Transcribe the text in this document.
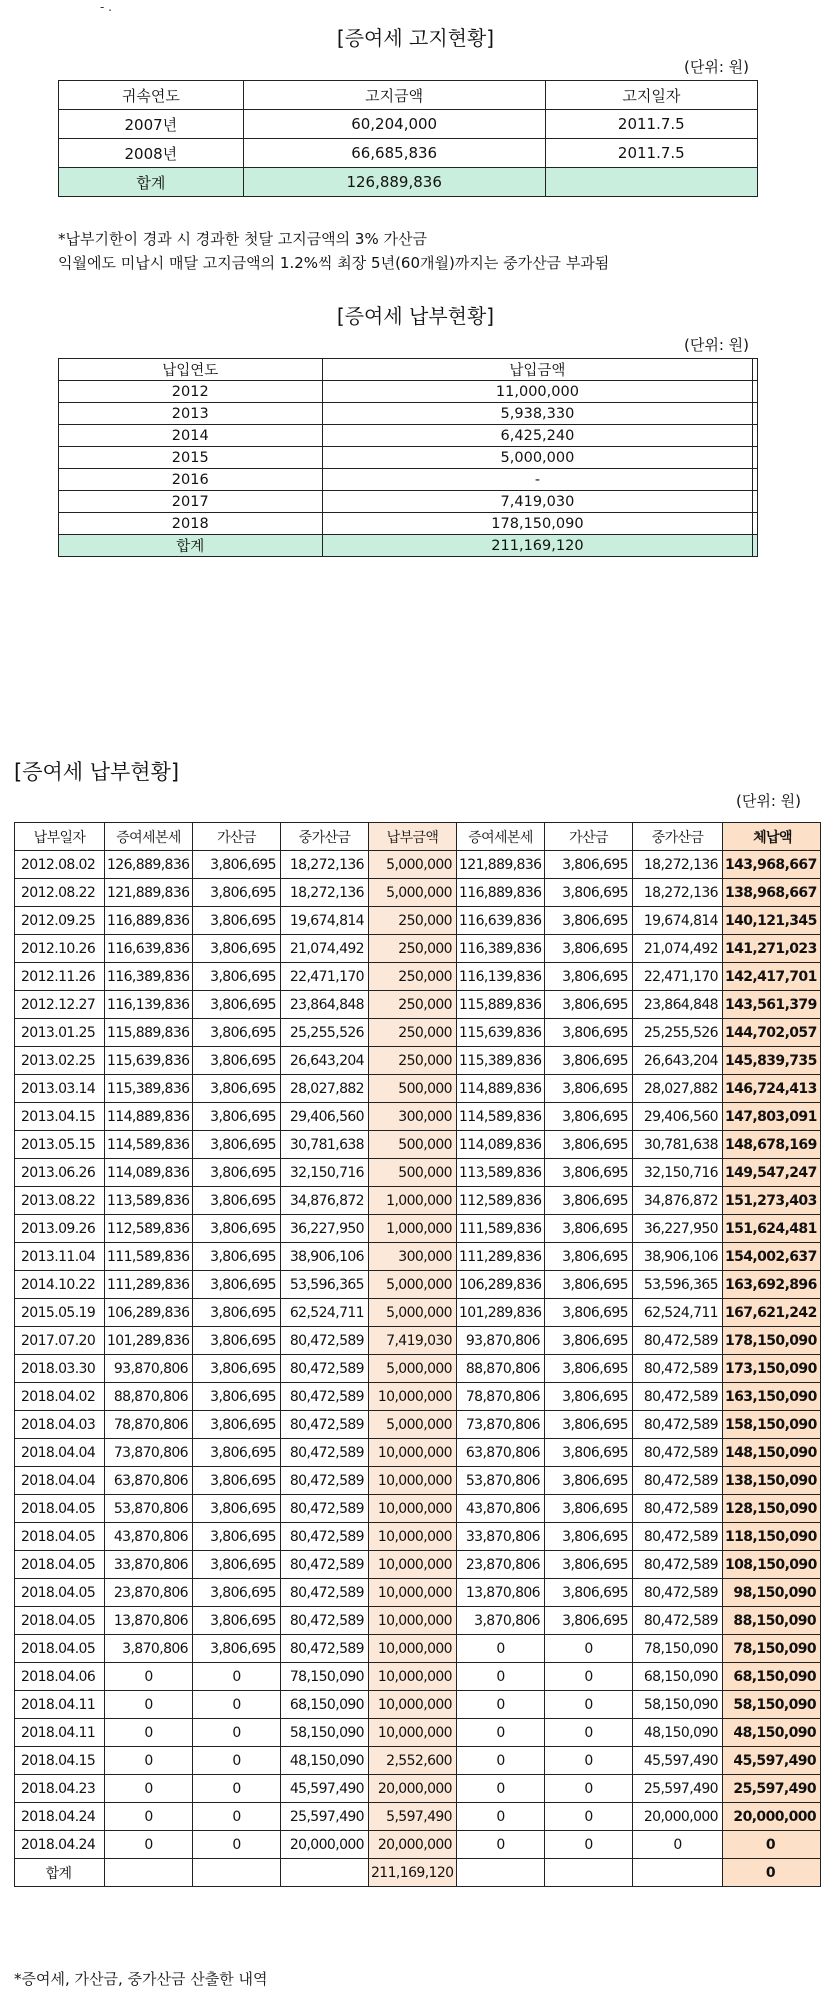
- .
[증여세 고지현황]
(단위: 원)
귀속연도	고지금액	고지일자
2007년	60,204,000	2011.7.5
2008년	66,685,836	2011.7.5
합계	126,889,836	
*납부기한이 경과 시 경과한 첫달 고지금액의 3% 가산금
익월에도 미납시 매달 고지금액의 1.2%씩 최장 5년(60개월)까지는 중가산금 부과됨
[증여세 납부현황]
(단위: 원)
납입연도	납입금액	
2012	11,000,000	
2013	5,938,330	
2014	6,425,240	
2015	5,000,000	
2016	-	
2017	7,419,030	
2018	178,150,090	
합계	211,169,120	
[증여세 납부현황]
(단위: 원)
납부일자	증여세본세	가산금	중가산금	납부금액	증여세본세	가산금	중가산금	체납액
2012.08.02	126,889,836	3,806,695	18,272,136	5,000,000	121,889,836	3,806,695	18,272,136	143,968,667
2012.08.22	121,889,836	3,806,695	18,272,136	5,000,000	116,889,836	3,806,695	18,272,136	138,968,667
2012.09.25	116,889,836	3,806,695	19,674,814	250,000	116,639,836	3,806,695	19,674,814	140,121,345
2012.10.26	116,639,836	3,806,695	21,074,492	250,000	116,389,836	3,806,695	21,074,492	141,271,023
2012.11.26	116,389,836	3,806,695	22,471,170	250,000	116,139,836	3,806,695	22,471,170	142,417,701
2012.12.27	116,139,836	3,806,695	23,864,848	250,000	115,889,836	3,806,695	23,864,848	143,561,379
2013.01.25	115,889,836	3,806,695	25,255,526	250,000	115,639,836	3,806,695	25,255,526	144,702,057
2013.02.25	115,639,836	3,806,695	26,643,204	250,000	115,389,836	3,806,695	26,643,204	145,839,735
2013.03.14	115,389,836	3,806,695	28,027,882	500,000	114,889,836	3,806,695	28,027,882	146,724,413
2013.04.15	114,889,836	3,806,695	29,406,560	300,000	114,589,836	3,806,695	29,406,560	147,803,091
2013.05.15	114,589,836	3,806,695	30,781,638	500,000	114,089,836	3,806,695	30,781,638	148,678,169
2013.06.26	114,089,836	3,806,695	32,150,716	500,000	113,589,836	3,806,695	32,150,716	149,547,247
2013.08.22	113,589,836	3,806,695	34,876,872	1,000,000	112,589,836	3,806,695	34,876,872	151,273,403
2013.09.26	112,589,836	3,806,695	36,227,950	1,000,000	111,589,836	3,806,695	36,227,950	151,624,481
2013.11.04	111,589,836	3,806,695	38,906,106	300,000	111,289,836	3,806,695	38,906,106	154,002,637
2014.10.22	111,289,836	3,806,695	53,596,365	5,000,000	106,289,836	3,806,695	53,596,365	163,692,896
2015.05.19	106,289,836	3,806,695	62,524,711	5,000,000	101,289,836	3,806,695	62,524,711	167,621,242
2017.07.20	101,289,836	3,806,695	80,472,589	7,419,030	93,870,806	3,806,695	80,472,589	178,150,090
2018.03.30	93,870,806	3,806,695	80,472,589	5,000,000	88,870,806	3,806,695	80,472,589	173,150,090
2018.04.02	88,870,806	3,806,695	80,472,589	10,000,000	78,870,806	3,806,695	80,472,589	163,150,090
2018.04.03	78,870,806	3,806,695	80,472,589	5,000,000	73,870,806	3,806,695	80,472,589	158,150,090
2018.04.04	73,870,806	3,806,695	80,472,589	10,000,000	63,870,806	3,806,695	80,472,589	148,150,090
2018.04.04	63,870,806	3,806,695	80,472,589	10,000,000	53,870,806	3,806,695	80,472,589	138,150,090
2018.04.05	53,870,806	3,806,695	80,472,589	10,000,000	43,870,806	3,806,695	80,472,589	128,150,090
2018.04.05	43,870,806	3,806,695	80,472,589	10,000,000	33,870,806	3,806,695	80,472,589	118,150,090
2018.04.05	33,870,806	3,806,695	80,472,589	10,000,000	23,870,806	3,806,695	80,472,589	108,150,090
2018.04.05	23,870,806	3,806,695	80,472,589	10,000,000	13,870,806	3,806,695	80,472,589	98,150,090
2018.04.05	13,870,806	3,806,695	80,472,589	10,000,000	3,870,806	3,806,695	80,472,589	88,150,090
2018.04.05	3,870,806	3,806,695	80,472,589	10,000,000	0	0	78,150,090	78,150,090
2018.04.06	0	0	78,150,090	10,000,000	0	0	68,150,090	68,150,090
2018.04.11	0	0	68,150,090	10,000,000	0	0	58,150,090	58,150,090
2018.04.11	0	0	58,150,090	10,000,000	0	0	48,150,090	48,150,090
2018.04.15	0	0	48,150,090	2,552,600	0	0	45,597,490	45,597,490
2018.04.23	0	0	45,597,490	20,000,000	0	0	25,597,490	25,597,490
2018.04.24	0	0	25,597,490	5,597,490	0	0	20,000,000	20,000,000
2018.04.24	0	0	20,000,000	20,000,000	0	0	0	0
합계				211,169,120				0
*증여세, 가산금, 중가산금 산출한 내역
